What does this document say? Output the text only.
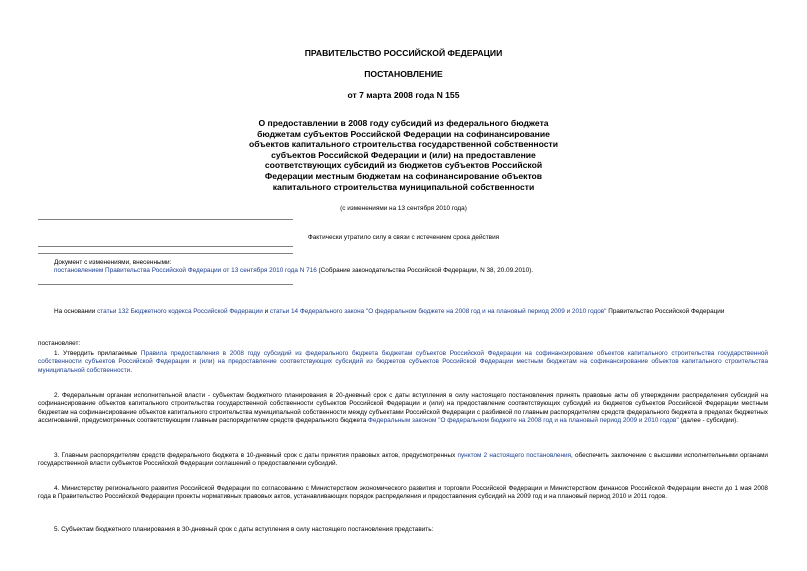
ПРАВИТЕЛЬСТВО РОССИЙСКОЙ ФЕДЕРАЦИИ
ПОСТАНОВЛЕНИЕ
от 7 марта 2008 года N 155
О предоставлении в 2008 году субсидий из федерального бюджета
бюджетам субъектов Российской Федерации на софинансирование
объектов капитального строительства государственной собственности
субъектов Российской Федерации и (или) на предоставление
соответствующих субсидий из бюджетов субъектов Российской
Федерации местным бюджетам на софинансирование объектов
капитального строительства муниципальной собственности
(с изменениями на 13 сентября 2010 года)
Фактически утратило силу в связи с истечением срока действия
Документ с изменениями, внесенными:
постановлением Правительства Российской Федерации от 13 сентября 2010 года N 716 (Собрание законодательства Российской Федерации, N 38, 20.09.2010).
На основании статьи 132 Бюджетного кодекса Российской Федерации и статьи 14 Федерального закона "О федеральном бюджете на 2008 год и на плановый период 2009 и 2010 годов" Правительство Российской Федерации
постановляет:
1. Утвердить прилагаемые Правила предоставления в 2008 году субсидий из федерального бюджета бюджетам субъектов Российской Федерации на софинансирование объектов капитального строительства государственной собственности субъектов Российской Федерации и (или) на предоставление соответствующих субсидий из бюджетов субъектов Российской Федерации местным бюджетам на софинансирование объектов капитального строительства муниципальной собственности.
2. Федеральным органам исполнительной власти - субъектам бюджетного планирования в 20-дневный срок с даты вступления в силу настоящего постановления принять правовые акты об утверждении распределения субсидий на софинансирование объектов капитального строительства государственной собственности субъектов Российской Федерации и (или) на предоставление соответствующих субсидий из бюджетов субъектов Российской Федерации местным бюджетам на софинансирование объектов капитального строительства муниципальной собственности между субъектами Российской Федерации с разбивкой по главным распорядителям средств федерального бюджета в пределах бюджетных ассигнований, предусмотренных соответствующим главным распорядителям средств федерального бюджета Федеральным законом "О федеральном бюджете на 2008 год и на плановый период 2009 и 2010 годов" (далее - субсидии).
3. Главным распорядителям средств федерального бюджета в 10-дневный срок с даты принятия правовых актов, предусмотренных пунктом 2 настоящего постановления, обеспечить заключение с высшими исполнительными органами государственной власти субъектов Российской Федерации соглашений о предоставлении субсидий.
4. Министерству регионального развития Российской Федерации по согласованию с Министерством экономического развития и торговли Российской Федерации и Министерством финансов Российской Федерации внести до 1 мая 2008 года в Правительство Российской Федерации проекты нормативных правовых актов, устанавливающих порядок распределения и предоставления субсидий на 2009 год и на плановый период 2010 и 2011 годов.
5. Субъектам бюджетного планирования в 30-дневный срок с даты вступления в силу настоящего постановления представить:
